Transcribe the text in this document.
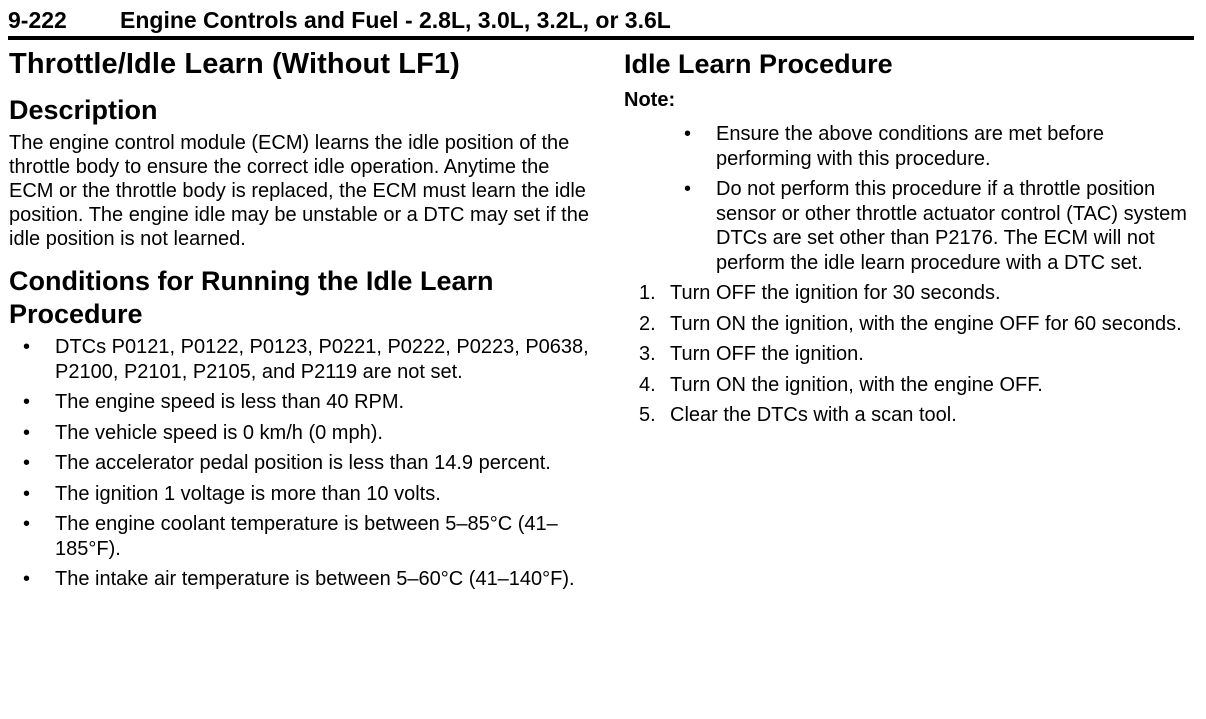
9-222 Engine Controls and Fuel - 2.8L, 3.0L, 3.2L, or 3.6L
Throttle/Idle Learn (Without LF1)
Description

The engine control module (ECM) learns the idle position of the throttle body to ensure the correct idle operation. Anytime the ECM or the throttle body is replaced, the ECM must learn the idle position. The engine idle may be unstable or a DTC may set if the idle position is not learned.

Conditions for Running the Idle Learn Procedure
• DTCs P0121, P0122, P0123, P0221, P0222, P0223, P0638, P2100, P2101, P2105, and P2119 are not set.
• The engine speed is less than 40 RPM.
• The vehicle speed is 0 km/h (0 mph).
• The accelerator pedal position is less than 14.9 percent.
• The ignition 1 voltage is more than 10 volts.
• The engine coolant temperature is between 5–85°C (41–185°F).
• The intake air temperature is between 5–60°C (41–140°F).
Idle Learn Procedure
Note:
• Ensure the above conditions are met before performing with this procedure.
• Do not perform this procedure if a throttle position sensor or other throttle actuator control (TAC) system DTCs are set other than P2176. The ECM will not perform the idle learn procedure with a DTC set.
1. Turn OFF the ignition for 30 seconds.
2. Turn ON the ignition, with the engine OFF for 60 seconds.
3. Turn OFF the ignition.
4. Turn ON the ignition, with the engine OFF.
5. Clear the DTCs with a scan tool.
